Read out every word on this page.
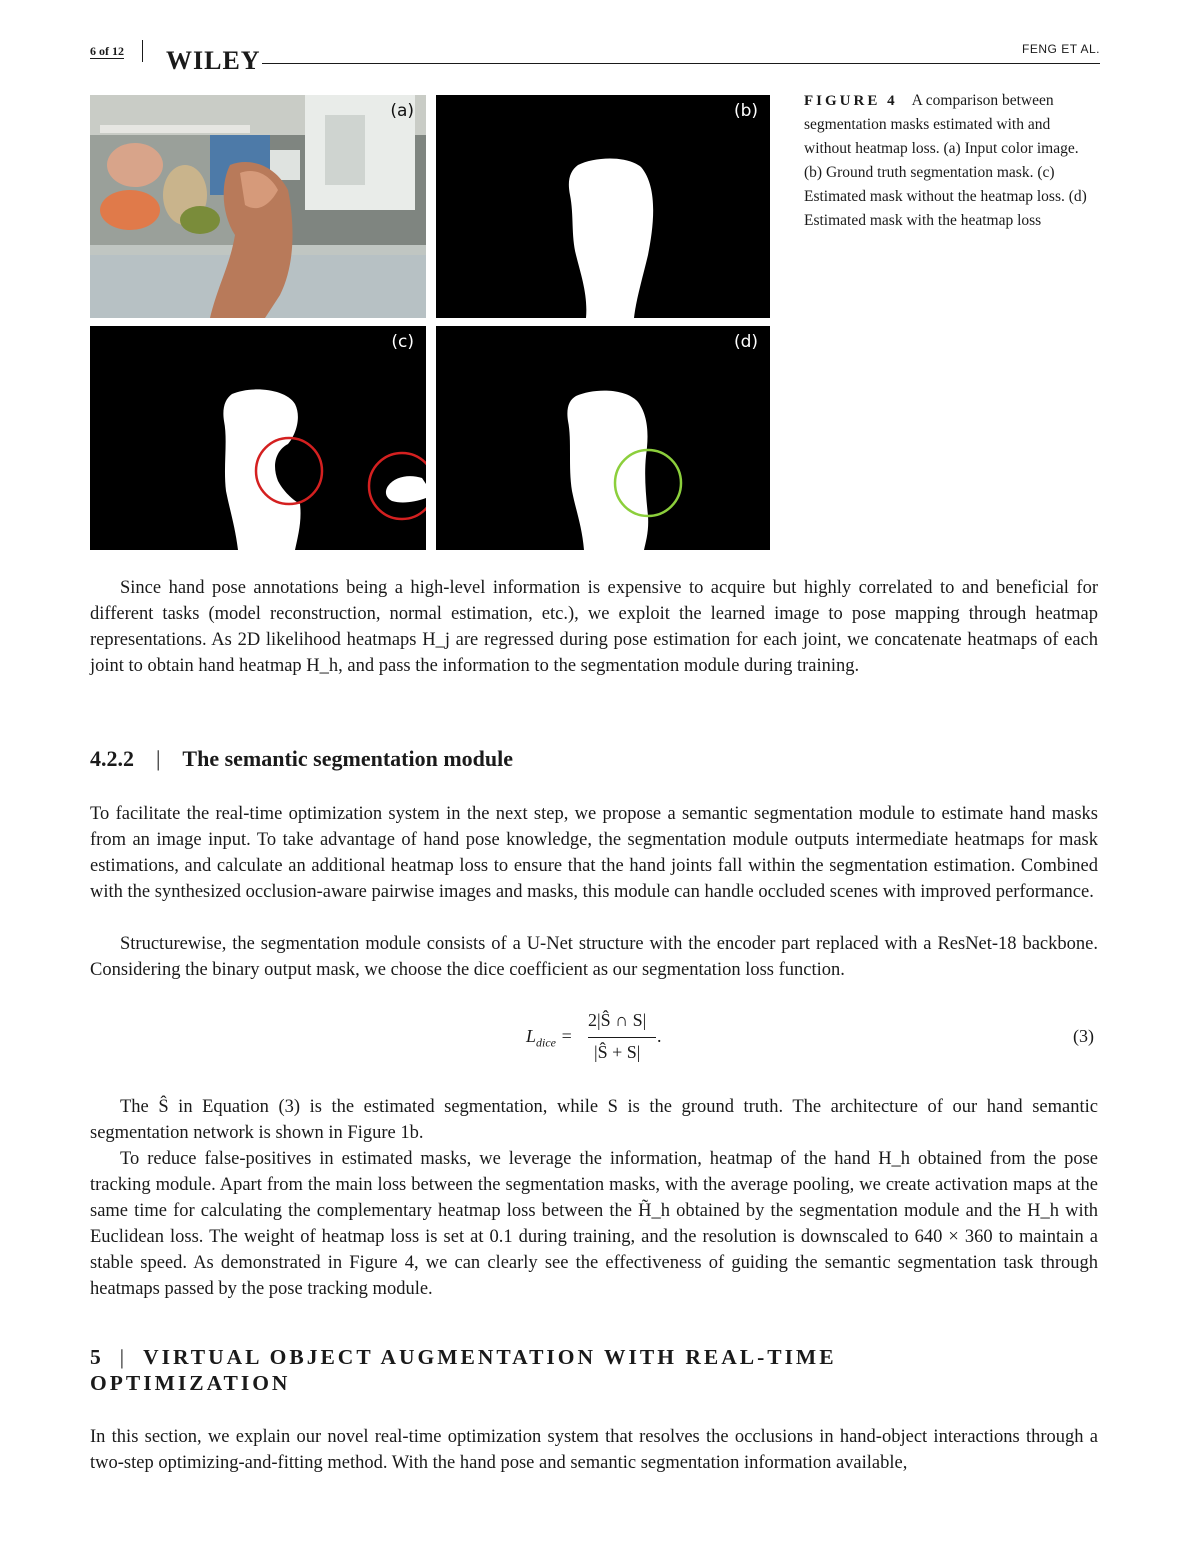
6 of 12 WILEY	FENG ET AL.
(a)	(b)
(c)	(d)
FIGURE 4 A comparison between segmentation masks estimated with and without heatmap loss. (a) Input color image. (b) Ground truth segmentation mask. (c) Estimated mask without the heatmap loss. (d) Estimated mask with the heatmap loss
Since hand pose annotations being a high-level information is expensive to acquire but highly correlated to and beneficial for different tasks (model reconstruction, normal estimation, etc.), we exploit the learned image to pose mapping through heatmap representations. As 2D likelihood heatmaps H_j are regressed during pose estimation for each joint, we concatenate heatmaps of each joint to obtain hand heatmap H_h, and pass the information to the segmentation module during training.
4.2.2 | The semantic segmentation module
To facilitate the real-time optimization system in the next step, we propose a semantic segmentation module to estimate hand masks from an image input. To take advantage of hand pose knowledge, the segmentation module outputs intermediate heatmaps for mask estimations, and calculate an additional heatmap loss to ensure that the hand joints fall within the segmentation estimation. Combined with the synthesized occlusion-aware pairwise images and masks, this module can handle occluded scenes with improved performance.
Structurewise, the segmentation module consists of a U-Net structure with the encoder part replaced with a ResNet-18 backbone. Considering the binary output mask, we choose the dice coefficient as our segmentation loss function.
$L_{dice}$ =
2|Ŝ ∩ S|
|Ŝ + S|
.	(3)
The Ŝ in Equation (3) is the estimated segmentation, while S is the ground truth. The architecture of our hand semantic segmentation network is shown in Figure 1b.
To reduce false-positives in estimated masks, we leverage the information, heatmap of the hand H_h obtained from the pose tracking module. Apart from the main loss between the segmentation masks, with the average pooling, we create activation maps at the same time for calculating the complementary heatmap loss between the H̃_h obtained by the segmentation module and the H_h with Euclidean loss. The weight of heatmap loss is set at 0.1 during training, and the resolution is downscaled to 640 × 360 to maintain a stable speed. As demonstrated in Figure 4, we can clearly see the effectiveness of guiding the semantic segmentation task through heatmaps passed by the pose tracking module.
5 | VIRTUAL OBJECT AUGMENTATION WITH REAL-TIME OPTIMIZATION
In this section, we explain our novel real-time optimization system that resolves the occlusions in hand-object interactions through a two-step optimizing-and-fitting method. With the hand pose and semantic segmentation information available,
